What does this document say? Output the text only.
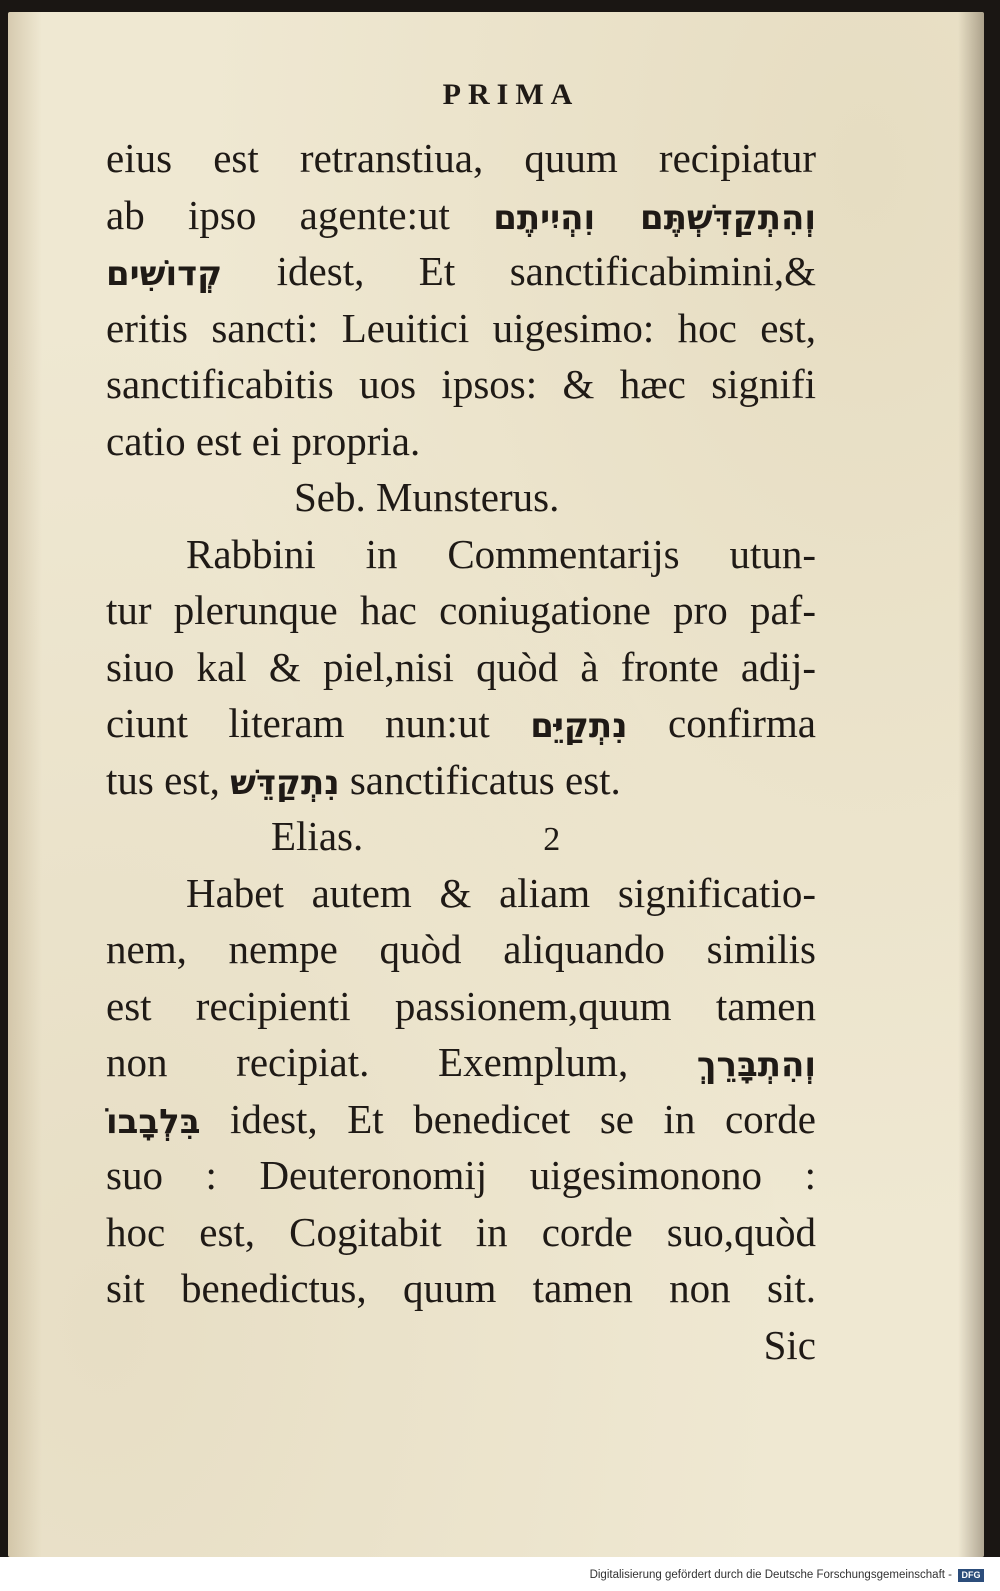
PRIMA
eius est retranstiua, quum recipiatur
ab ipso agente:ut וְהִתְקַדִּשְׁתֶּם וִהְיִיתֶם
קְדוֹשִׁים idest, Et sanctificabimini,&
eritis sancti: Leuitici uigesimo: hoc est,
sanctificabitis uos ipsos: & hæc signifi
catio est ei propria.
Seb. Munsterus.
Rabbini in Commentarijs utun-
tur plerunque hac coniugatione pro paf-
siuo kal & piel,nisi quòd à fronte adij-
ciunt literam nun:ut נִתְקַיֵּם confirma
tus est, נִתְקַדֵּשׁ sanctificatus est.
Elias.	2
Habet autem & aliam significatio-
nem, nempe quòd aliquando similis
est recipienti passionem,quum tamen
non recipiat. Exemplum, וְהִתְבָּרֵךְ
בִּלְבָבוֹ idest, Et benedicet se in corde
suo : Deuteronomij uigesimonono :
hoc est, Cogitabit in corde suo,quòd
sit benedictus, quum tamen non sit.
Sic
Digitalisierung gefördert durch die Deutsche Forschungsgemeinschaft -	DFG
